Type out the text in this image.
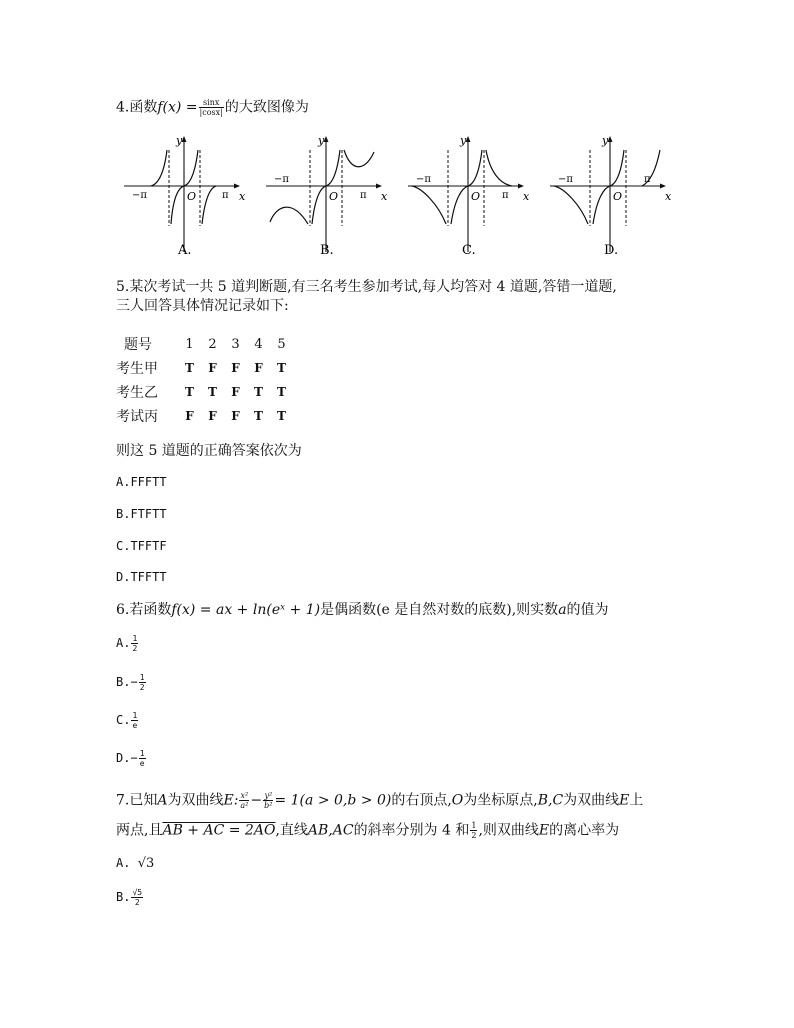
4.函数$f(x) = \frac{\sin x}{|\cos x|}$ 的大致图像为
y
x
O
−π	π
A.
y
x
O
−π
π
B.
y
x
O
−π
π
C.
y
x
O
−π	π
D.
5.某次考试一共 5 道判断题,有三名考生参加考试,每人均答对 4 道题,答错一道题,
三人回答具体情况记录如下:
题号	1	2	3	4	5
考生甲	T	F	F	F	T
考生乙	T	T	F	T	T
考试丙	F	F	F	T	T
则这 5 道题的正确答案依次为
A.FFFTT
B.FTFTT
C.TFFTF
D.TFFTT
6.若函数f(x) = ax + ln(eˣ + 1)是偶函数(e 是自然对数的底数),则实数a的值为
A. $\frac{1}{2}$
$B.- \frac{1}{2}$
C. $\frac{1}{e}$
$D.- \frac{1}{e}$
7.已知A为双曲线E: $\frac{\text{x²}}{\text{a²}} - \frac{\text{y²}}{\text{b²}} = 1(a > 0,b > 0)$的右顶点,O为坐标原点,B,C为双曲线E上
两点,且AB + AC = 2AO,直线AB,AC的斜率分别为 4 和 $\frac{1}{2}$ ,则双曲线E的离心率为
A. √3
B. $\frac{√5}{2}$
